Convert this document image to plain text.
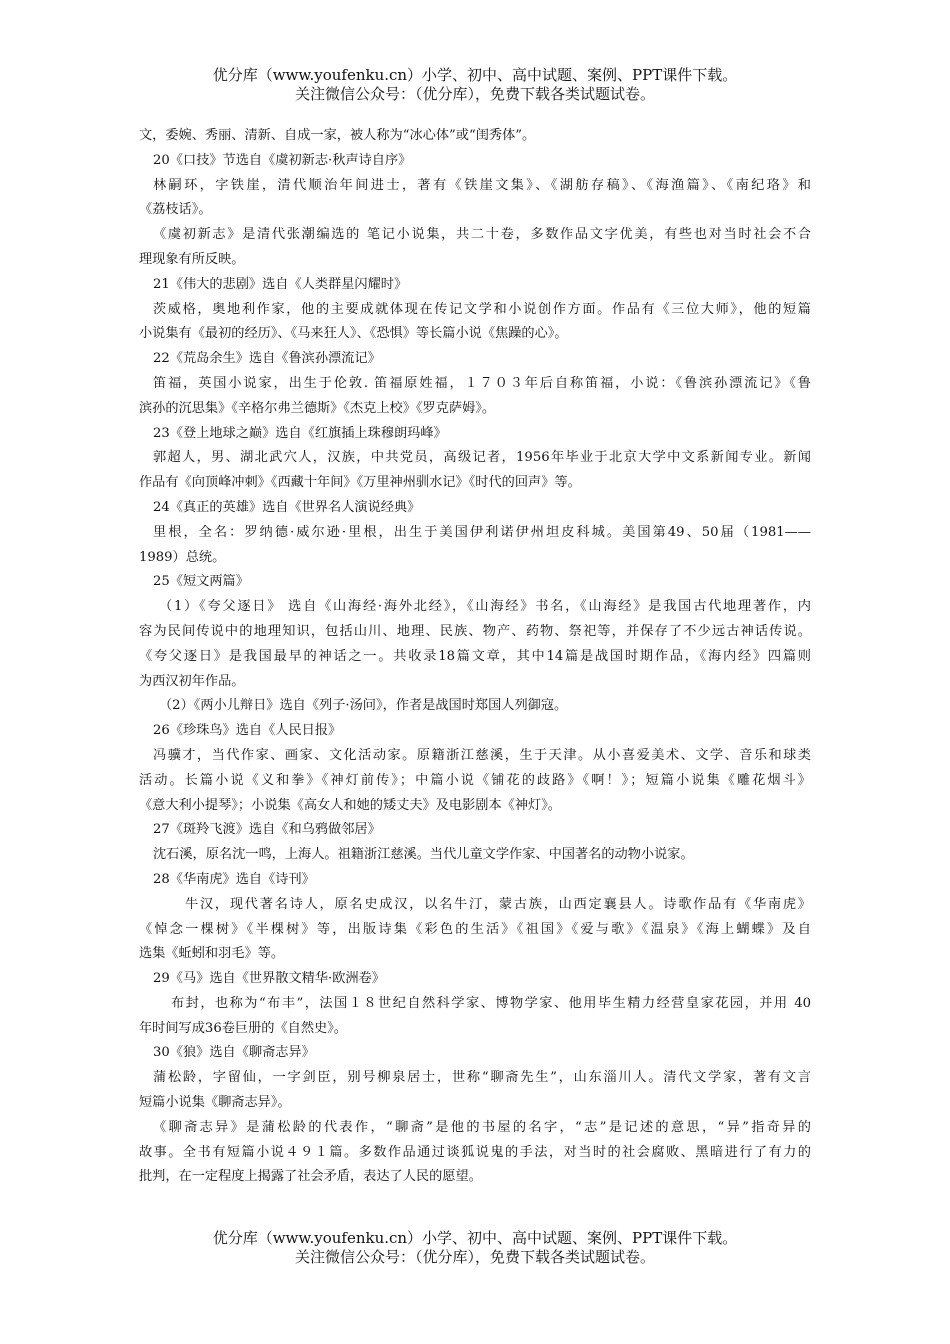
优分库（www.youfenku.cn）小学、初中、高中试题、案例、PPT课件下载。
关注微信公众号：（优分库），免费下载各类试题试卷。
文，委婉、秀丽、清新、自成一家，被人称为“冰心体”或“闺秀体”。
20《口技》节选自《虞初新志·秋声诗自序》
林嗣环，字铁崖，清代顺治年间进士，著有《铁崖文集》、《湖舫存稿》、《海渔篇》、《南纪珞》和
《荔枝话》。
《虞初新志》是清代张潮编选的 笔记小说集，共二十卷，多数作品文字优美，有些也对当时社会不合
理现象有所反映。
21《伟大的悲剧》选自《人类群星闪耀时》
茨威格，奥地利作家，他的主要成就体现在传记文学和小说创作方面。作品有《三位大师》，他的短篇
小说集有《最初的经历》、《马来狂人》、《恐惧》等长篇小说《焦躁的心》。
22《荒岛余生》选自《鲁滨孙漂流记》
笛福，英国小说家，出生于伦敦. 笛福原姓福，１７０３年后自称笛福，小说：《鲁滨孙漂流记》《鲁
滨孙的沉思集》《辛格尔弗兰德斯》《杰克上校》《罗克萨姆》。
23《登上地球之巅》选自《红旗插上珠穆朗玛峰》
郭超人，男、湖北武穴人，汉族，中共党员，高级记者，1956年毕业于北京大学中文系新闻专业。新闻
作品有《向顶峰冲刺》《西藏十年间》《万里神州驯水记》《时代的回声》等。
24《真正的英雄》选自《世界名人演说经典》
里根，全名：罗纳德·威尔逊·里根，出生于美国伊利诺伊州坦皮科城。美国第49、50届（1981——
1989）总统。
25《短文两篇》
（1）《夸父逐日》 选自《山海经·海外北经》，《山海经》书名，《山海经》是我国古代地理著作，内
容为民间传说中的地理知识，包括山川、地理、民族、物产、药物、祭祀等，并保存了不少远古神话传说。
《夸父逐日》是我国最早的神话之一。共收录18篇文章，其中14篇是战国时期作品，《海内经》四篇则
为西汉初年作品。
（2）《两小儿辩日》选自《列子·汤问》，作者是战国时郑国人列御寇。
26《珍珠鸟》选自《人民日报》
冯骥才，当代作家、画家、文化活动家。原籍浙江慈溪，生于天津。从小喜爱美术、文学、音乐和球类
活动。长篇小说《义和拳》《神灯前传》；中篇小说《铺花的歧路》《啊！》；短篇小说集《雕花烟斗》
《意大利小提琴》；小说集《高女人和她的矮丈夫》及电影剧本《神灯》。
27《斑羚飞渡》选自《和乌鸦做邻居》
沈石溪，原名沈一鸣，上海人。祖籍浙江慈溪。当代儿童文学作家、中国著名的动物小说家。
28《华南虎》选自《诗刊》
牛汉，现代著名诗人，原名史成汉，以名牛汀，蒙古族，山西定襄县人。诗歌作品有《华南虎》
《悼念一棵树》《半棵树》等，出版诗集《彩色的生活》《祖国》《爱与歌》《温泉》《海上蝴蝶》及自
选集《蚯蚓和羽毛》等。
29《马》选自《世界散文精华·欧洲卷》
布封，也称为“布丰”，法国１８世纪自然科学家、博物学家、他用毕生精力经营皇家花园，并用 40
年时间写成36卷巨册的《自然史》。
30《狼》选自《聊斋志异》
蒲松龄，字留仙，一字剑臣，别号柳泉居士，世称“聊斋先生”，山东淄川人。清代文学家，著有文言
短篇小说集《聊斋志异》。
《聊斋志异》是蒲松龄的代表作，“聊斋”是他的书屋的名字，“志”是记述的意思，“异”指奇异的
故事。全书有短篇小说４９１篇。多数作品通过谈狐说鬼的手法，对当时的社会腐败、黑暗进行了有力的
批判，在一定程度上揭露了社会矛盾，表达了人民的愿望。
优分库（www.youfenku.cn）小学、初中、高中试题、案例、PPT课件下载。
关注微信公众号：（优分库），免费下载各类试题试卷。
